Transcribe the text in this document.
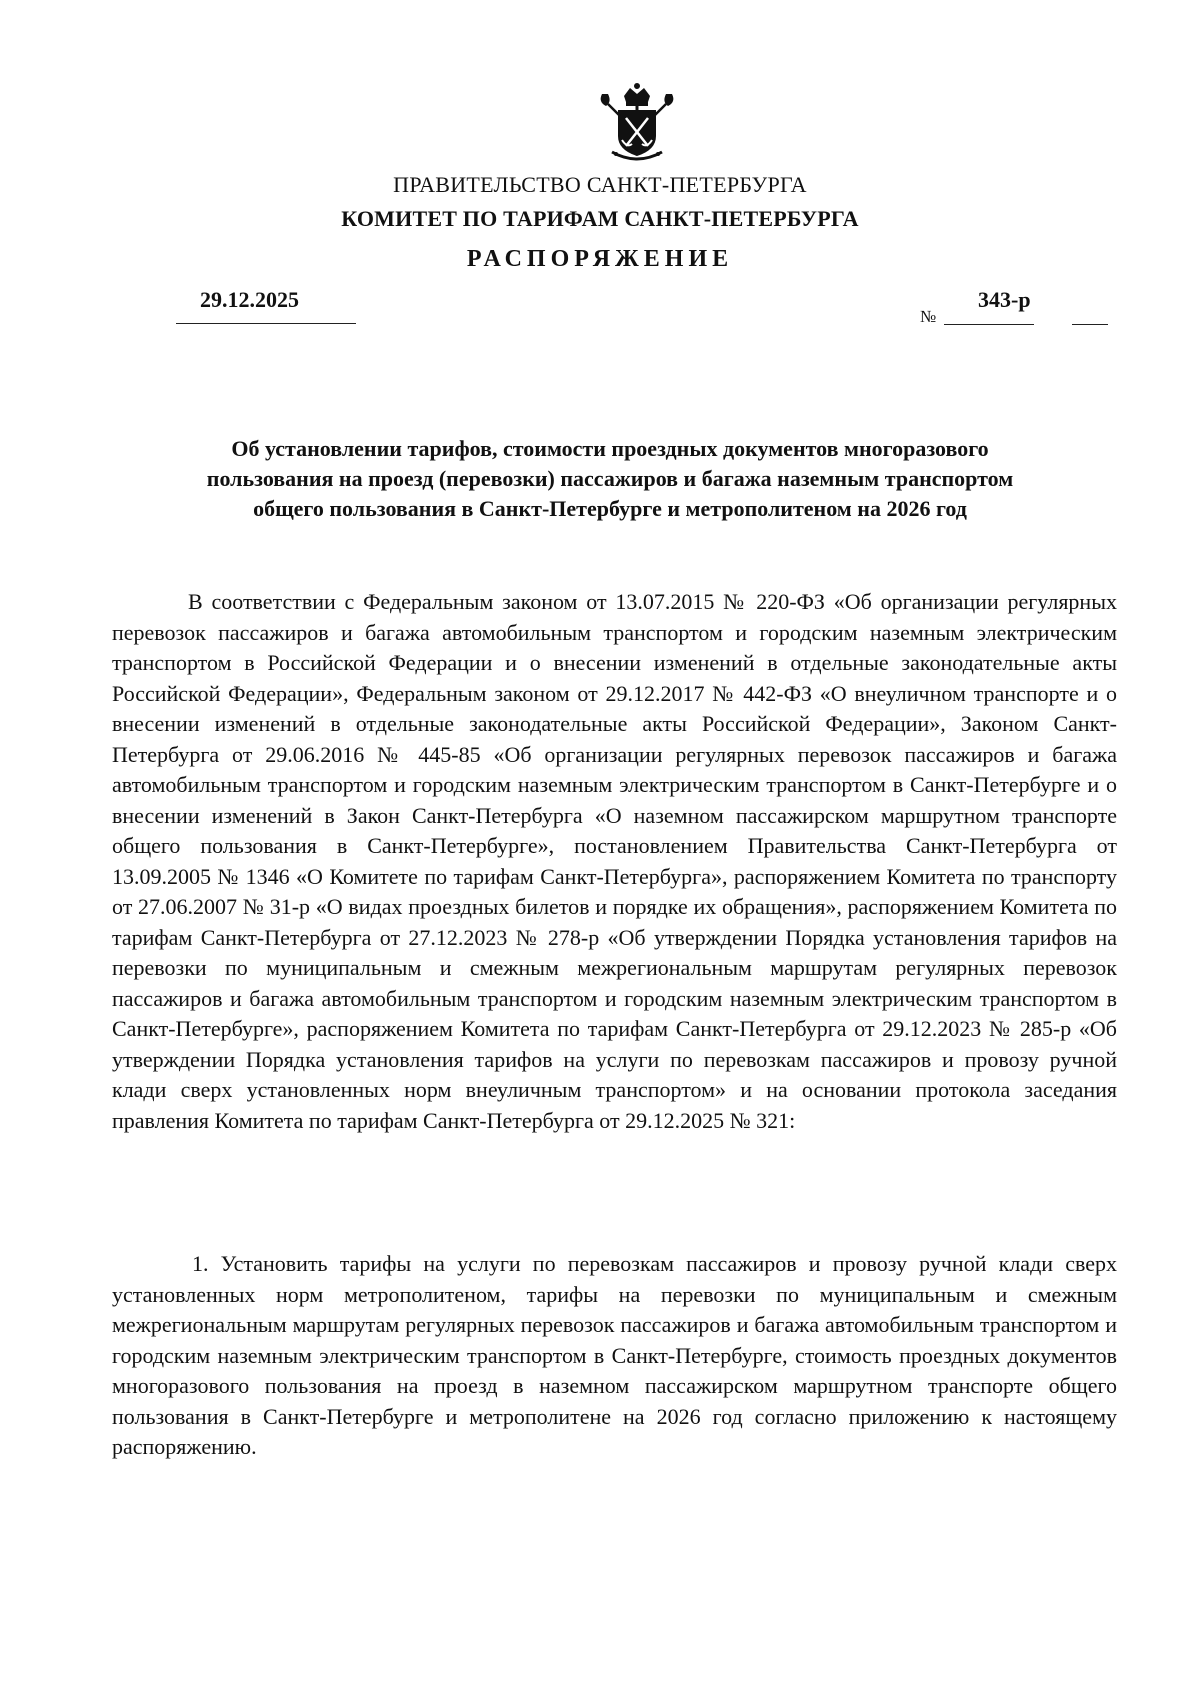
ПРАВИТЕЛЬСТВО САНКТ-ПЕТЕРБУРГА
КОМИТЕТ ПО ТАРИФАМ САНКТ-ПЕТЕРБУРГА
РАСПОРЯЖЕНИЕ
29.12.2025
№
343-р
Об установлении тарифов, стоимости проездных документов многоразового пользования на проезд (перевозки) пассажиров и багажа наземным транспортом общего пользования в Санкт-Петербурге и метрополитеном на 2026 год
В соответствии с Федеральным законом от 13.07.2015 № 220-ФЗ «Об организации регулярных перевозок пассажиров и багажа автомобильным транспортом и городским наземным электрическим транспортом в Российской Федерации и о внесении изменений в отдельные законодательные акты Российской Федерации», Федеральным законом от 29.12.2017 № 442-ФЗ «О внеуличном транспорте и о внесении изменений в отдельные законодательные акты Российской Федерации», Законом Санкт-Петербурга от 29.06.2016 № 445-85 «Об организации регулярных перевозок пассажиров и багажа автомобильным транспортом и городским наземным электрическим транспортом в Санкт-Петербурге и о внесении изменений в Закон Санкт-Петербурга «О наземном пассажирском маршрутном транспорте общего пользования в Санкт-Петербурге», постановлением Правительства Санкт-Петербурга от 13.09.2005 № 1346 «О Комитете по тарифам Санкт-Петербурга», распоряжением Комитета по транспорту от 27.06.2007 № 31-р «О видах проездных билетов и порядке их обращения», распоряжением Комитета по тарифам Санкт-Петербурга от 27.12.2023 № 278-р «Об утверждении Порядка установления тарифов на перевозки по муниципальным и смежным межрегиональным маршрутам регулярных перевозок пассажиров и багажа автомобильным транспортом и городским наземным электрическим транспортом в Санкт-Петербурге», распоряжением Комитета по тарифам Санкт-Петербурга от 29.12.2023 № 285-р «Об утверждении Порядка установления тарифов на услуги по перевозкам пассажиров и провозу ручной клади сверх установленных норм внеуличным транспортом» и на основании протокола заседания правления Комитета по тарифам Санкт-Петербурга от 29.12.2025 № 321:
1. Установить тарифы на услуги по перевозкам пассажиров и провозу ручной клади сверх установленных норм метрополитеном, тарифы на перевозки по муниципальным и смежным межрегиональным маршрутам регулярных перевозок пассажиров и багажа автомобильным транспортом и городским наземным электрическим транспортом в Санкт-Петербурге, стоимость проездных документов многоразового пользования на проезд в наземном пассажирском маршрутном транспорте общего пользования в Санкт-Петербурге и метрополитене на 2026 год согласно приложению к настоящему распоряжению.
